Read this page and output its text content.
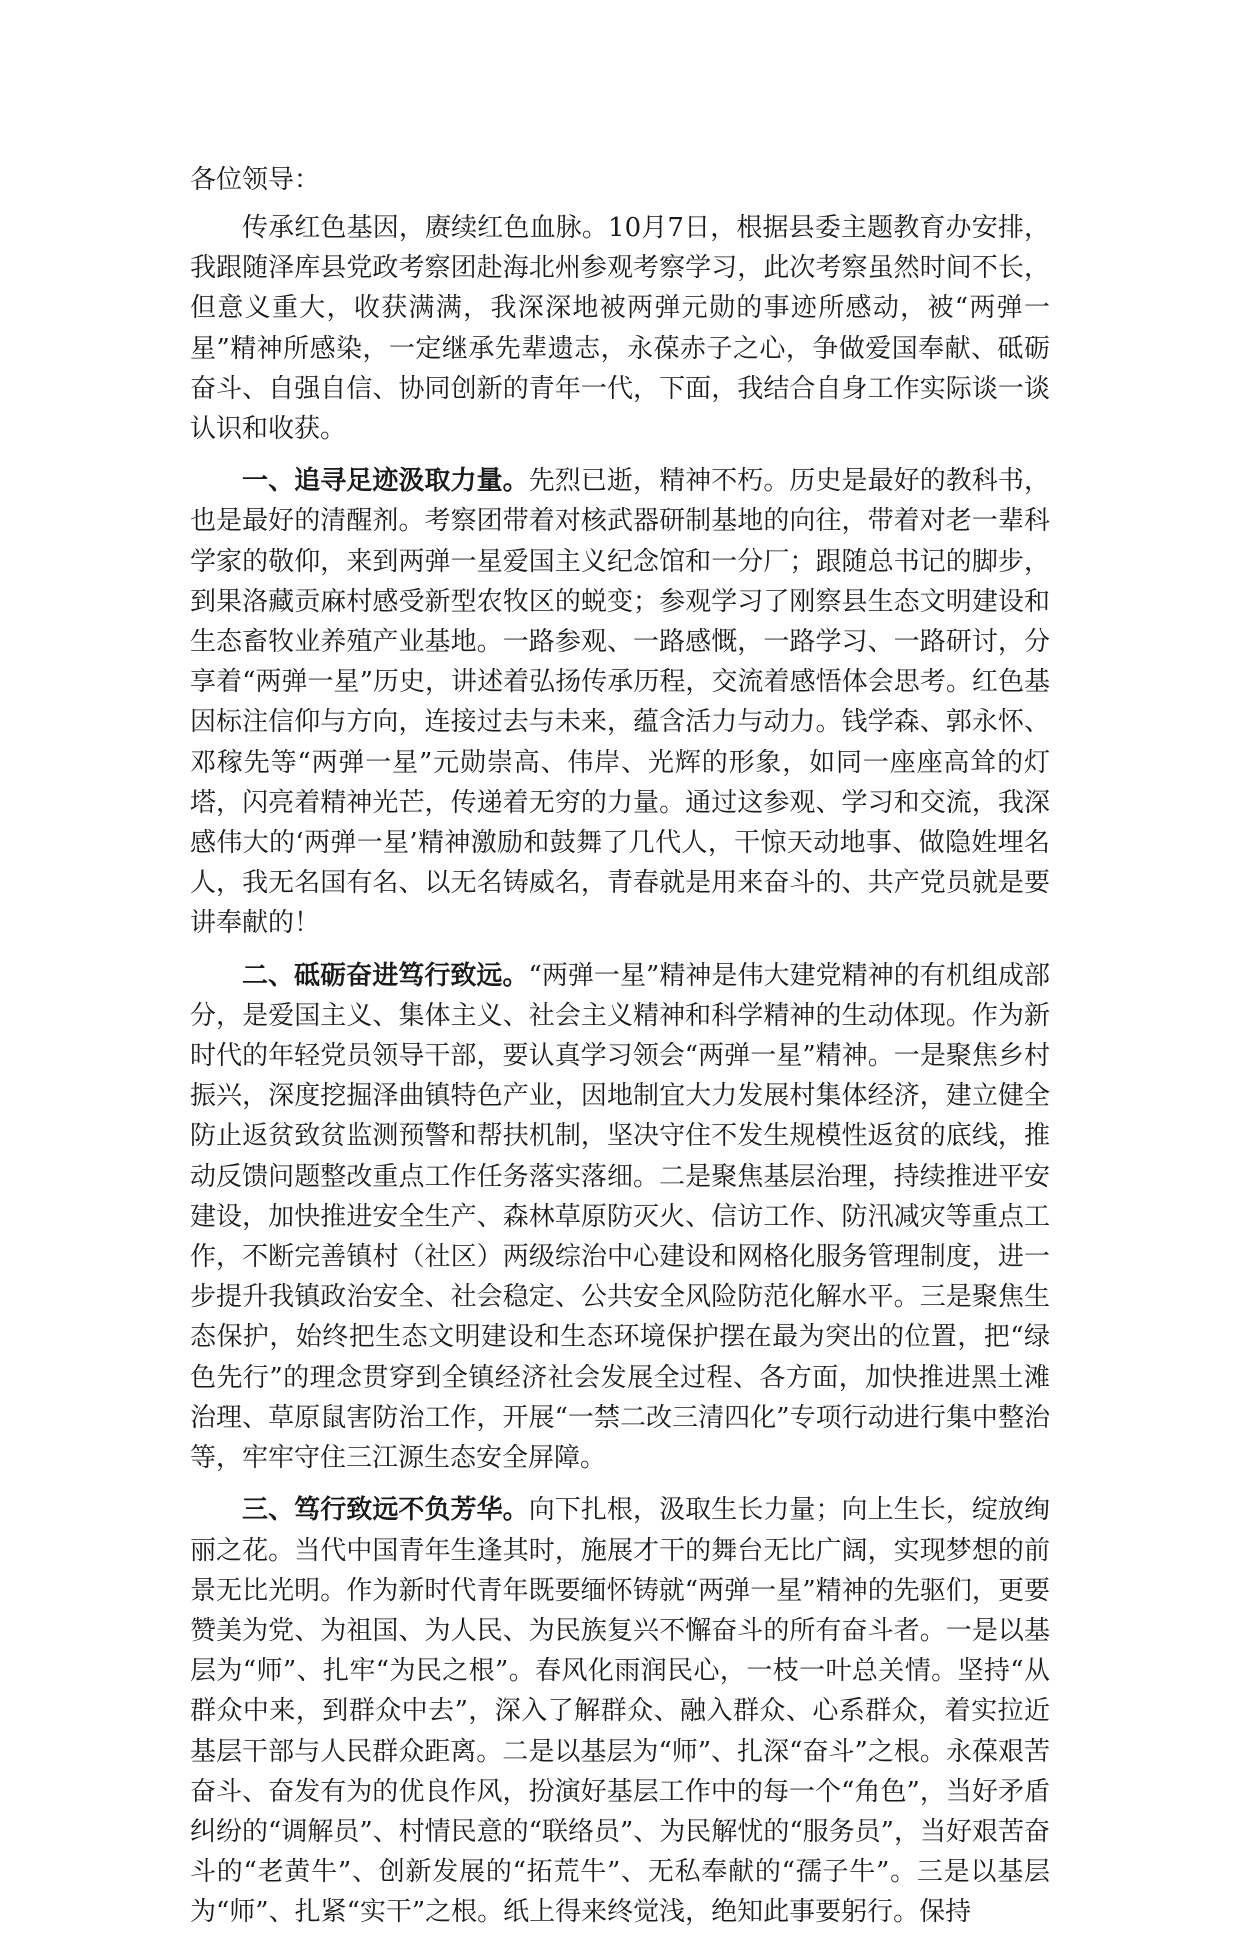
各位领导：

传承红色基因，赓续红色血脉。10月7日，根据县委主题教育办安排，我跟随泽库县党政考察团赴海北州参观考察学习，此次考察虽然时间不长，但意义重大，收获满满，我深深地被两弹元勋的事迹所感动，被“两弹一星”精神所感染，一定继承先辈遗志，永葆赤子之心，争做爱国奉献、砥砺奋斗、自强自信、协同创新的青年一代，下面，我结合自身工作实际谈一谈认识和收获。

一、追寻足迹汲取力量。先烈已逝，精神不朽。历史是最好的教科书，也是最好的清醒剂。考察团带着对核武器研制基地的向往，带着对老一辈科学家的敬仰，来到两弹一星爱国主义纪念馆和一分厂；跟随总书记的脚步，到果洛藏贡麻村感受新型农牧区的蜕变；参观学习了刚察县生态文明建设和生态畜牧业养殖产业基地。一路参观、一路感慨，一路学习、一路研讨，分享着“两弹一星”历史，讲述着弘扬传承历程，交流着感悟体会思考。红色基因标注信仰与方向，连接过去与未来，蕴含活力与动力。钱学森、郭永怀、邓稼先等“两弹一星”元勋崇高、伟岸、光辉的形象，如同一座座高耸的灯塔，闪亮着精神光芒，传递着无穷的力量。通过这参观、学习和交流，我深感伟大的‘两弹一星’精神激励和鼓舞了几代人，干惊天动地事、做隐姓埋名人，我无名国有名、以无名铸威名，青春就是用来奋斗的、共产党员就是要讲奉献的！

二、砥砺奋进笃行致远。“两弹一星”精神是伟大建党精神的有机组成部分，是爱国主义、集体主义、社会主义精神和科学精神的生动体现。作为新时代的年轻党员领导干部，要认真学习领会“两弹一星”精神。一是聚焦乡村振兴，深度挖掘泽曲镇特色产业，因地制宜大力发展村集体经济，建立健全防止返贫致贫监测预警和帮扶机制，坚决守住不发生规模性返贫的底线，推动反馈问题整改重点工作任务落实落细。二是聚焦基层治理，持续推进平安建设，加快推进安全生产、森林草原防灭火、信访工作、防汛减灾等重点工作，不断完善镇村（社区）两级综治中心建设和网格化服务管理制度，进一步提升我镇政治安全、社会稳定、公共安全风险防范化解水平。三是聚焦生态保护，始终把生态文明建设和生态环境保护摆在最为突出的位置，把“绿色先行”的理念贯穿到全镇经济社会发展全过程、各方面，加快推进黑土滩治理、草原鼠害防治工作，开展“一禁二改三清四化”专项行动进行集中整治等，牢牢守住三江源生态安全屏障。

三、笃行致远不负芳华。向下扎根，汲取生长力量；向上生长，绽放绚丽之花。当代中国青年生逢其时，施展才干的舞台无比广阔，实现梦想的前景无比光明。作为新时代青年既要缅怀铸就“两弹一星”精神的先驱们，更要赞美为党、为祖国、为人民、为民族复兴不懈奋斗的所有奋斗者。一是以基层为“师”、扎牢“为民之根”。春风化雨润民心，一枝一叶总关情。坚持“从群众中来，到群众中去”，深入了解群众、融入群众、心系群众，着实拉近基层干部与人民群众距离。二是以基层为“师”、扎深“奋斗”之根。永葆艰苦奋斗、奋发有为的优良作风，扮演好基层工作中的每一个“角色”，当好矛盾纠纷的“调解员”、村情民意的“联络员”、为民解忧的“服务员”，当好艰苦奋斗的“老黄牛”、创新发展的“拓荒牛”、无私奉献的“孺子牛”。三是以基层为“师”、扎紧“实干”之根。纸上得来终觉浅，绝知此事要躬行。保持
